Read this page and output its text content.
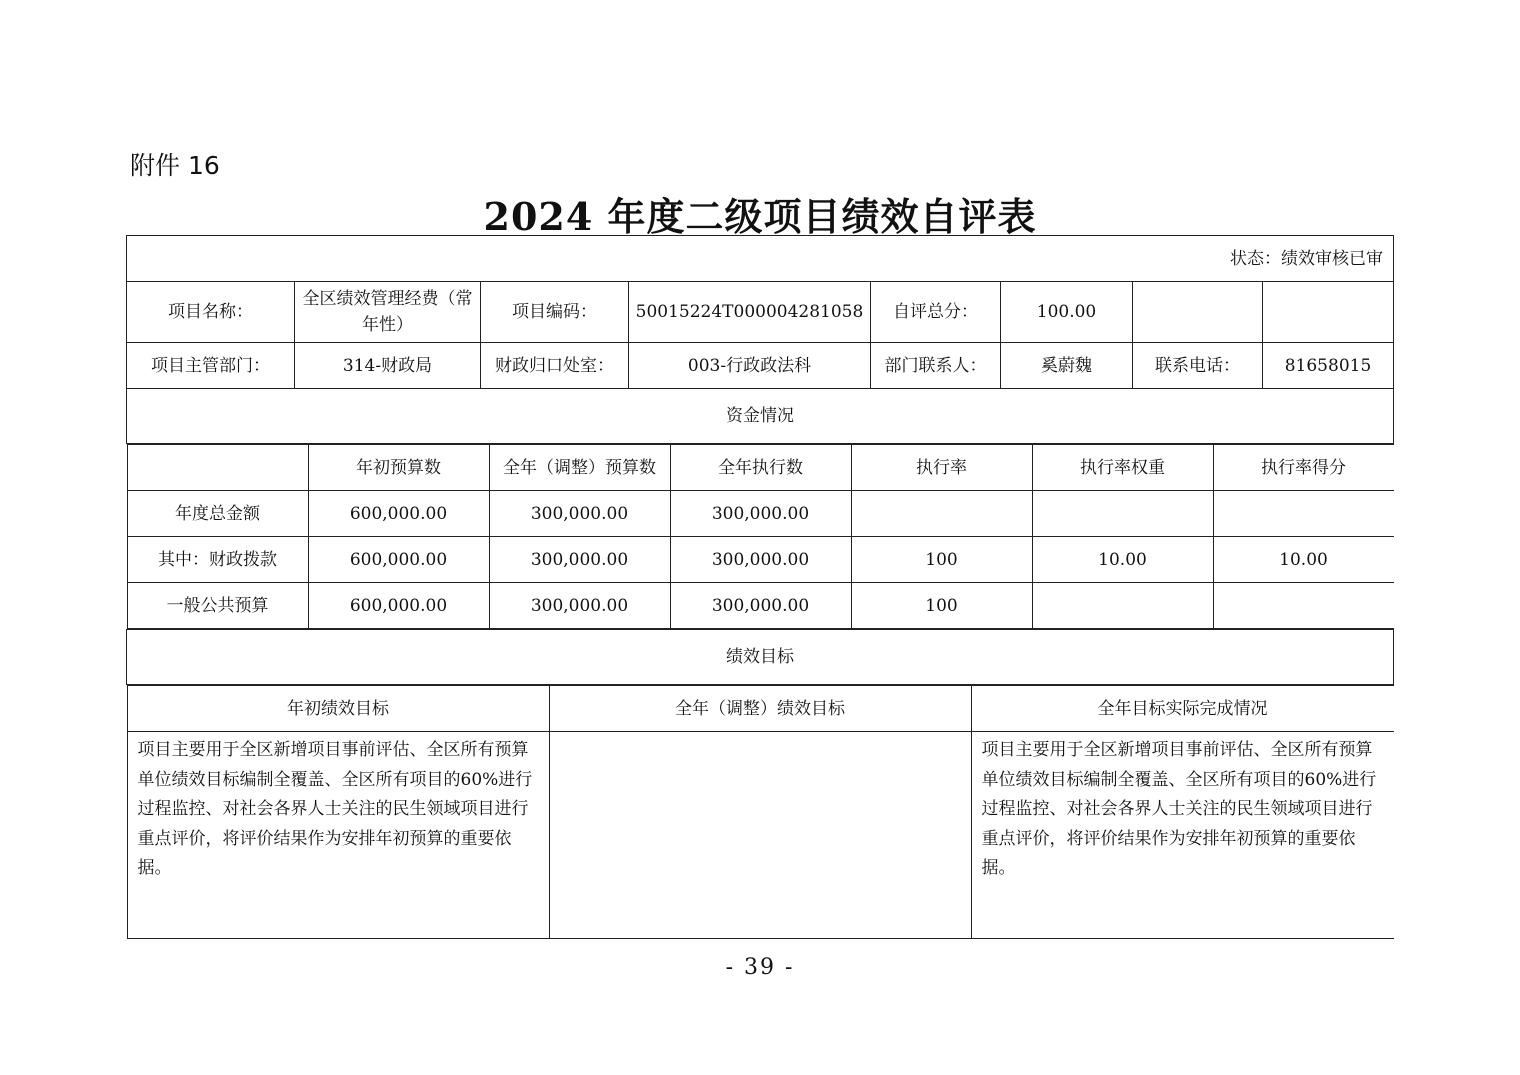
附件 16
2024 年度二级项目绩效自评表
状态：绩效审核已审
项目名称：	全区绩效管理经费（常年性）	项目编码：	50015224T000004281058	自评总分：	100.00		
项目主管部门：	314-财政局	财政归口处室：	003-行政政法科	部门联系人：	奚蔚魏	联系电话：	81658015
资金情况

	年初预算数	全年（调整）预算数	全年执行数	执行率	执行率权重	执行率得分
年度总金额	600,000.00	300,000.00	300,000.00			
其中：财政拨款	600,000.00	300,000.00	300,000.00	100	10.00	10.00
一般公共预算	600,000.00	300,000.00	300,000.00	100		

绩效目标

年初绩效目标	全年（调整）绩效目标	全年目标实际完成情况
项目主要用于全区新增项目事前评估、全区所有预算单位绩效目标编制全覆盖、全区所有项目的60%进行过程监控、对社会各界人士关注的民生领域项目进行重点评价，将评价结果作为安排年初预算的重要依据。		项目主要用于全区新增项目事前评估、全区所有预算单位绩效目标编制全覆盖、全区所有项目的60%进行过程监控、对社会各界人士关注的民生领域项目进行重点评价，将评价结果作为安排年初预算的重要依据。
- 39 -
